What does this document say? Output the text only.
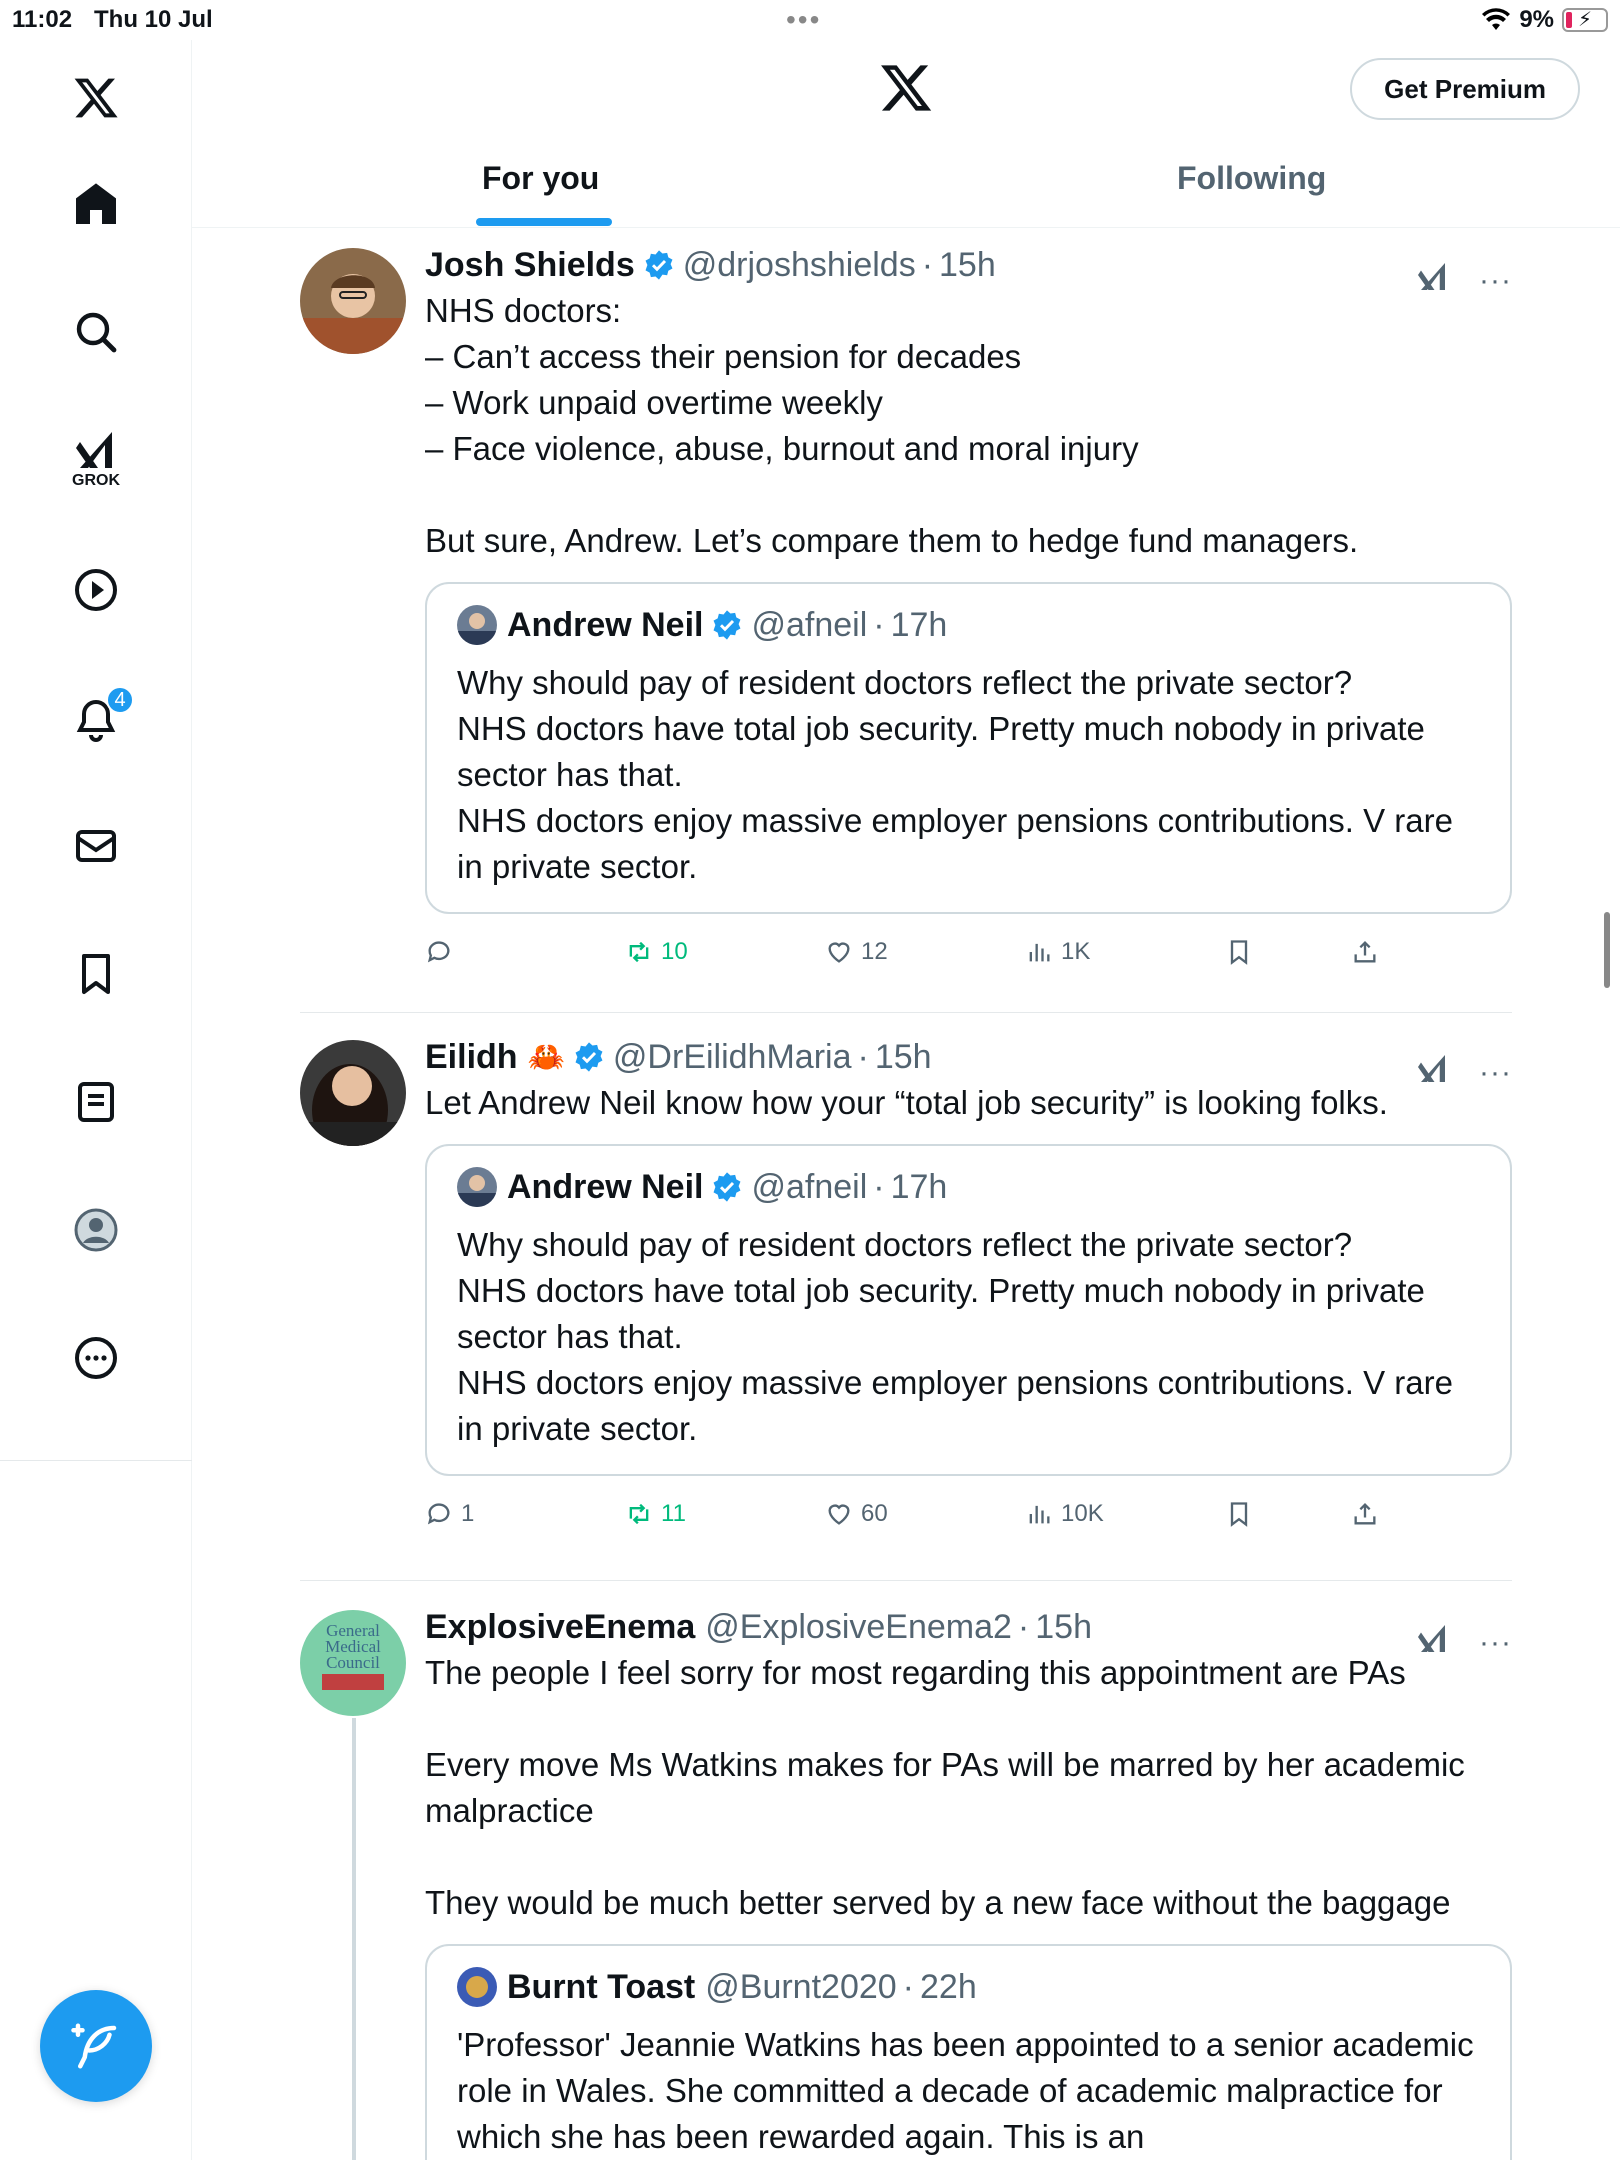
11:02 Thu 10 Jul	•••	9% ⚡
GROK
4
Get Premium
For you	Following
Josh Shields @drjoshshields · 15h	···
NHS doctors:
– Can’t access their pension for decades
– Work unpaid overtime weekly
– Face violence, abuse, burnout and moral injury

But sure, Andrew. Let’s compare them to hedge fund managers.
Andrew Neil @afneil · 17h
Why should pay of resident doctors reflect the private sector?
NHS doctors have total job security. Pretty much nobody in private sector has that.
NHS doctors enjoy massive employer pensions contributions. V rare in private sector.
10	12	1K
Eilidh 🦀 @DrEilidhMaria · 15h	···
Let Andrew Neil know how your “total job security” is looking folks.
Andrew Neil @afneil · 17h
Why should pay of resident doctors reflect the private sector?
NHS doctors have total job security. Pretty much nobody in private sector has that.
NHS doctors enjoy massive employer pensions contributions. V rare in private sector.
1	11	60	10K
General
Medical
Council
ExplosiveEnema @ExplosiveEnema2 · 15h	···
The people I feel sorry for most regarding this appointment are PAs

Every move Ms Watkins makes for PAs will be marred by her academic malpractice

They would be much better served by a new face without the baggage
Burnt Toast @Burnt2020 · 22h
'Professor' Jeannie Watkins has been appointed to a senior academic role in Wales. She committed a decade of academic malpractice for which she has been rewarded again. This is an
